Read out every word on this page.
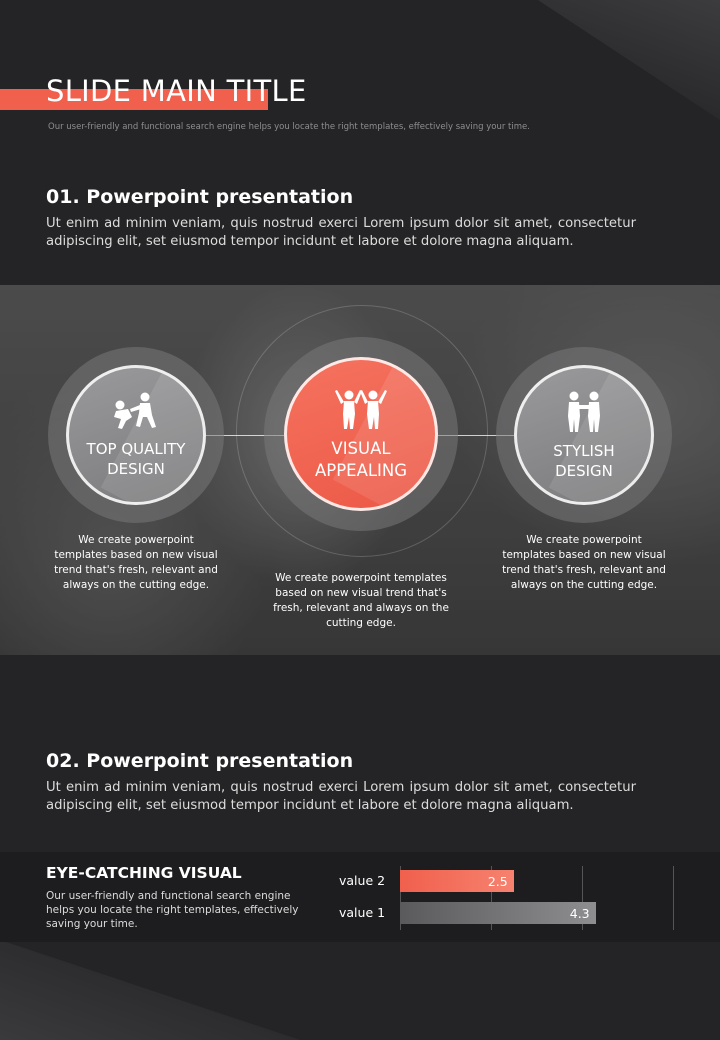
SLIDE MAIN TITLE

Our user-friendly and functional search engine helps you locate the right templates, effectively saving your time.

01. Powerpoint presentation

Ut enim ad minim veniam, quis nostrud exerci Lorem ipsum dolor sit amet, consectetur adipiscing elit, set eiusmod tempor incidunt et labore et dolore magna aliquam.

TOP QUALITY
DESIGN
VISUAL
APPEALING
STYLISH
DESIGN

We create powerpoint templates based on new visual trend that's fresh, relevant and always on the cutting edge.

We create powerpoint templates based on new visual trend that's fresh, relevant and always on the cutting edge.

We create powerpoint templates based on new visual trend that's fresh, relevant and always on the cutting edge.

02. Powerpoint presentation

Ut enim ad minim veniam, quis nostrud exerci Lorem ipsum dolor sit amet, consectetur adipiscing elit, set eiusmod tempor incidunt et labore et dolore magna aliquam.

EYE-CATCHING VISUAL

Our user-friendly and functional search engine helps you locate the right templates, effectively saving your time.

value 2	2.5
value 1	4.3
